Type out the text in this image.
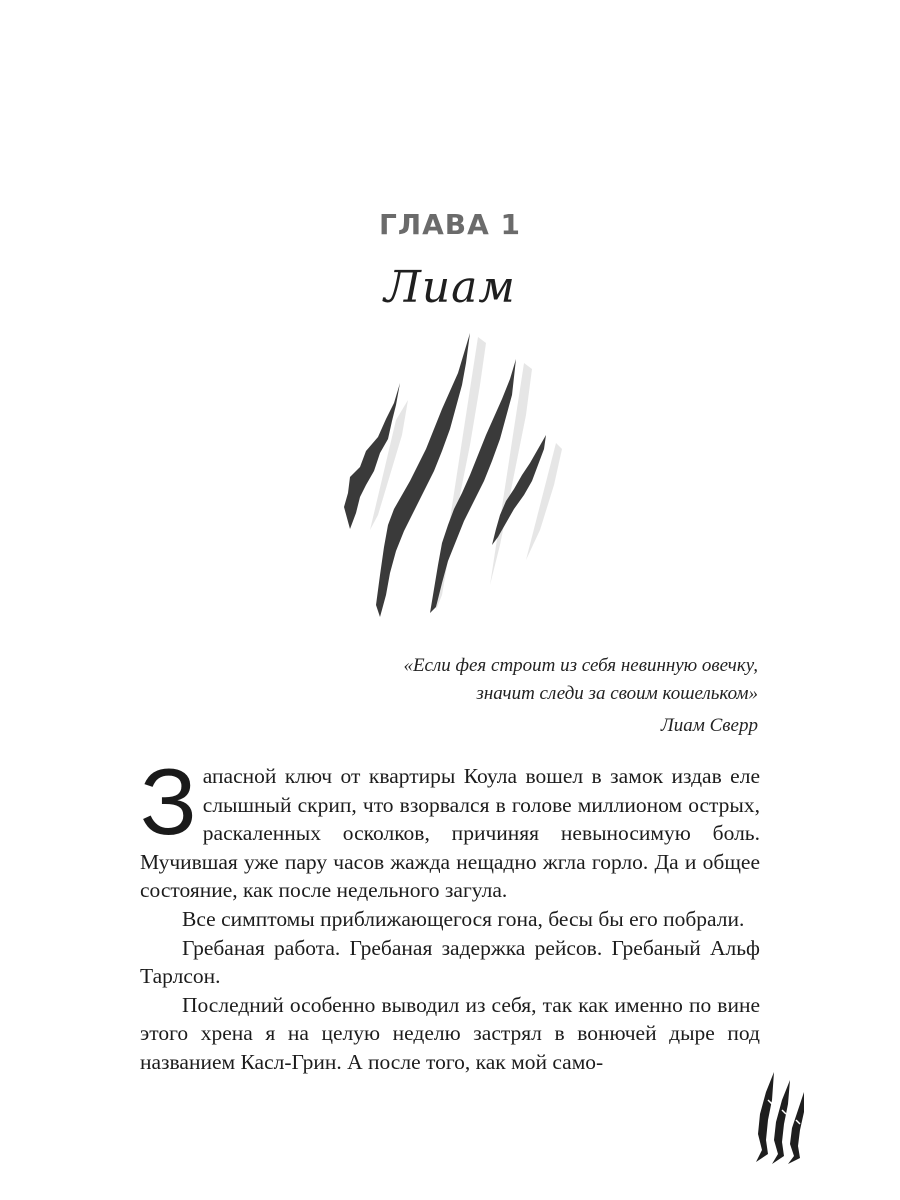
ГЛАВА 1
Лиам
«Если фея строит из себя невинную овечку,
значит следи за своим кошельком»
Лиам Сверр

Запасной ключ от квартиры Коула вошел в замок издав еле слышный скрип, что взорвался в голове миллионом острых, раскаленных осколков, причиняя невыносимую боль. Мучившая уже пару часов жажда нещадно жгла горло. Да и общее состояние, как после недельного загула.

Все симптомы приближающегося гона, бесы бы его побрали.

Гребаная работа. Гребаная задержка рейсов. Гребаный Альф Тарлсон.

Последний особенно выводил из себя, так как именно по вине этого хрена я на целую неделю застрял в вонючей дыре под названием Касл-Грин. А после того, как мой само-
